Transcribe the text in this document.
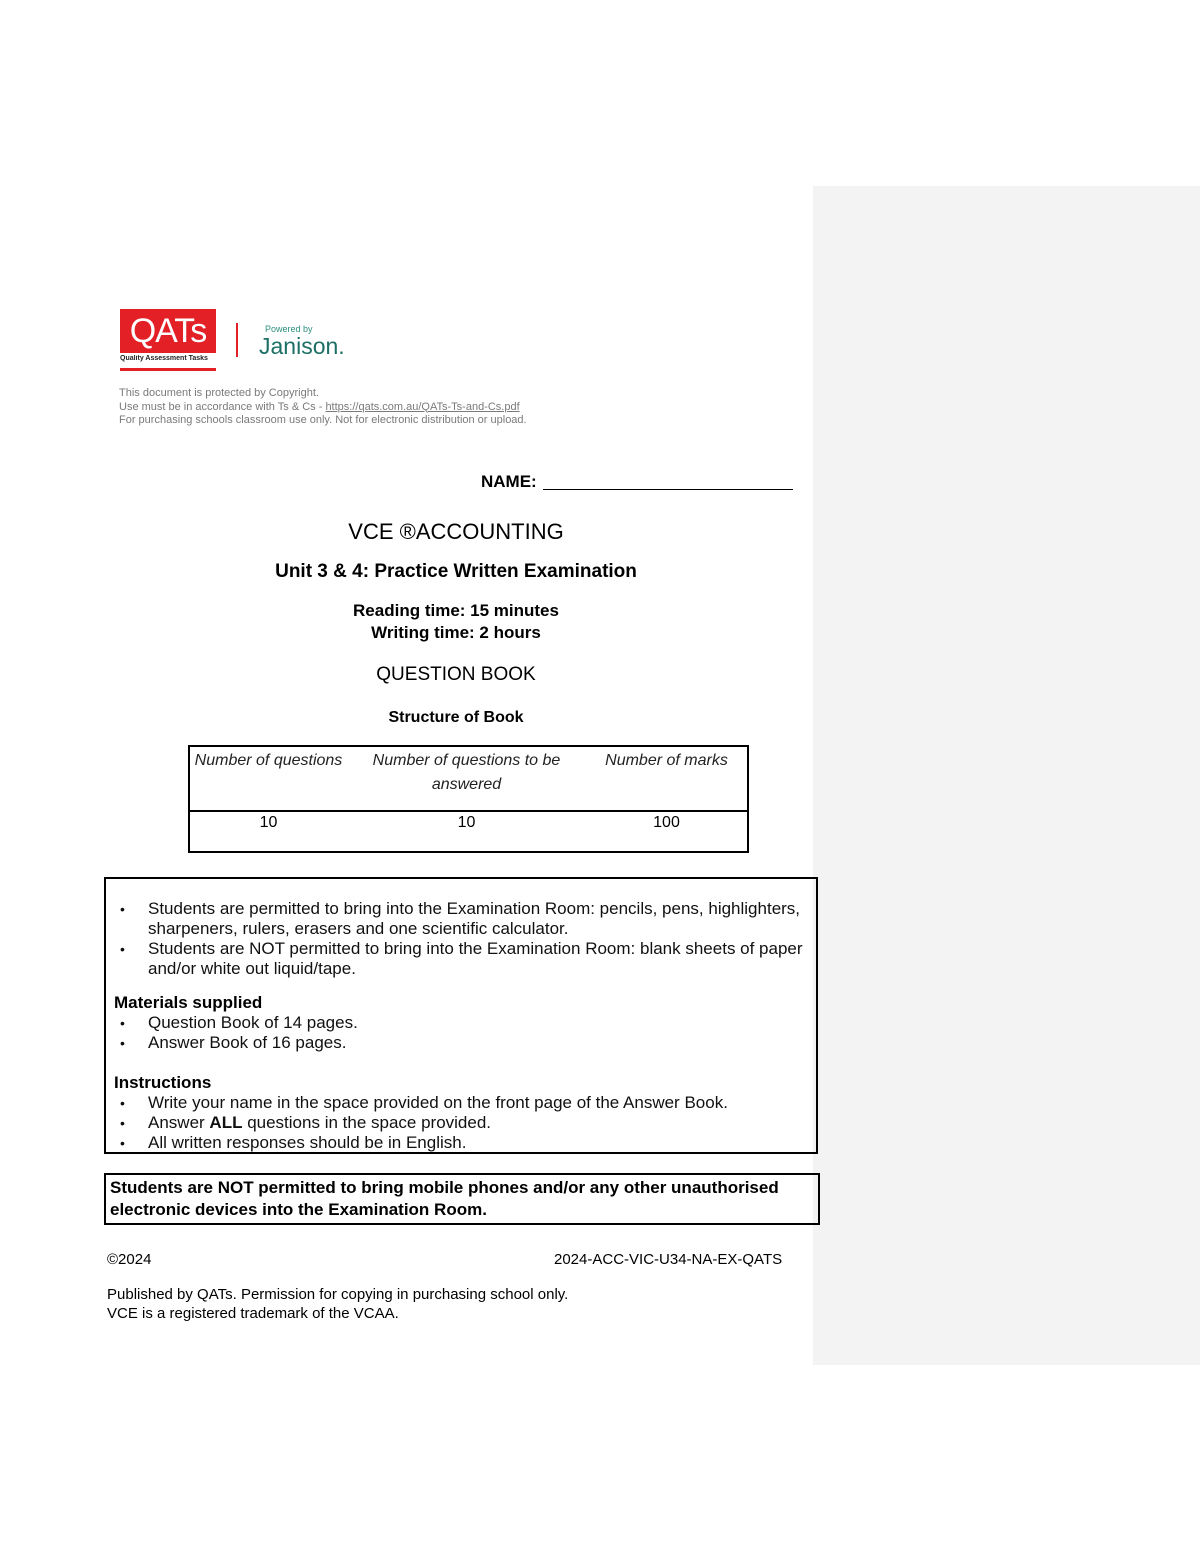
QATs
Quality Assessment Tasks
Powered by
Janison.
This document is protected by Copyright.
Use must be in accordance with Ts & Cs - https://qats.com.au/QATs-Ts-and-Cs.pdf
For purchasing schools classroom use only. Not for electronic distribution or upload.
NAME:
VCE ®ACCOUNTING
Unit 3 & 4: Practice Written Examination
Reading time: 15 minutes
Writing time: 2 hours
QUESTION BOOK
Structure of Book
Number of questions	Number of questions to be answered	Number of marks
10	10	100
• Students are permitted to bring into the Examination Room: pencils, pens, highlighters, sharpeners, rulers, erasers and one scientific calculator.
• Students are NOT permitted to bring into the Examination Room: blank sheets of paper and/or white out liquid/tape.
Materials supplied
• Question Book of 14 pages.
• Answer Book of 16 pages.
Instructions
• Write your name in the space provided on the front page of the Answer Book.
• Answer ALL questions in the space provided.
• All written responses should be in English.
Students are NOT permitted to bring mobile phones and/or any other unauthorised electronic devices into the Examination Room.
©2024	2024-ACC-VIC-U34-NA-EX-QATS
Published by QATs. Permission for copying in purchasing school only.
VCE is a registered trademark of the VCAA.
